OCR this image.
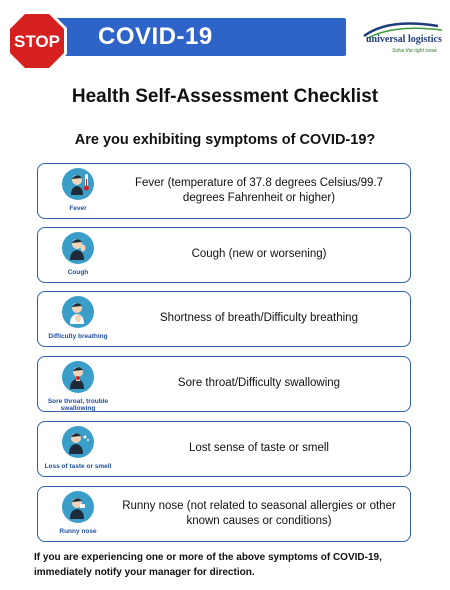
COVID-19
STOP	universal logistics
Solve the right issue
Health Self-Assessment Checklist
Are you exhibiting symptoms of COVID-19?
Fever
Fever (temperature of 37.8 degrees Celsius/99.7 degrees Fahrenheit or higher)
Cough
Cough (new or worsening)
Difficulty breathing
Shortness of breath/Difficulty breathing
Sore throat, trouble swallowing
Sore throat/Difficulty swallowing
Loss of taste or smell
Lost sense of taste or smell
Runny nose
Runny nose (not related to seasonal allergies or other known causes or conditions)
If you are experiencing one or more of the above symptoms of COVID-19, immediately notify your manager for direction.
